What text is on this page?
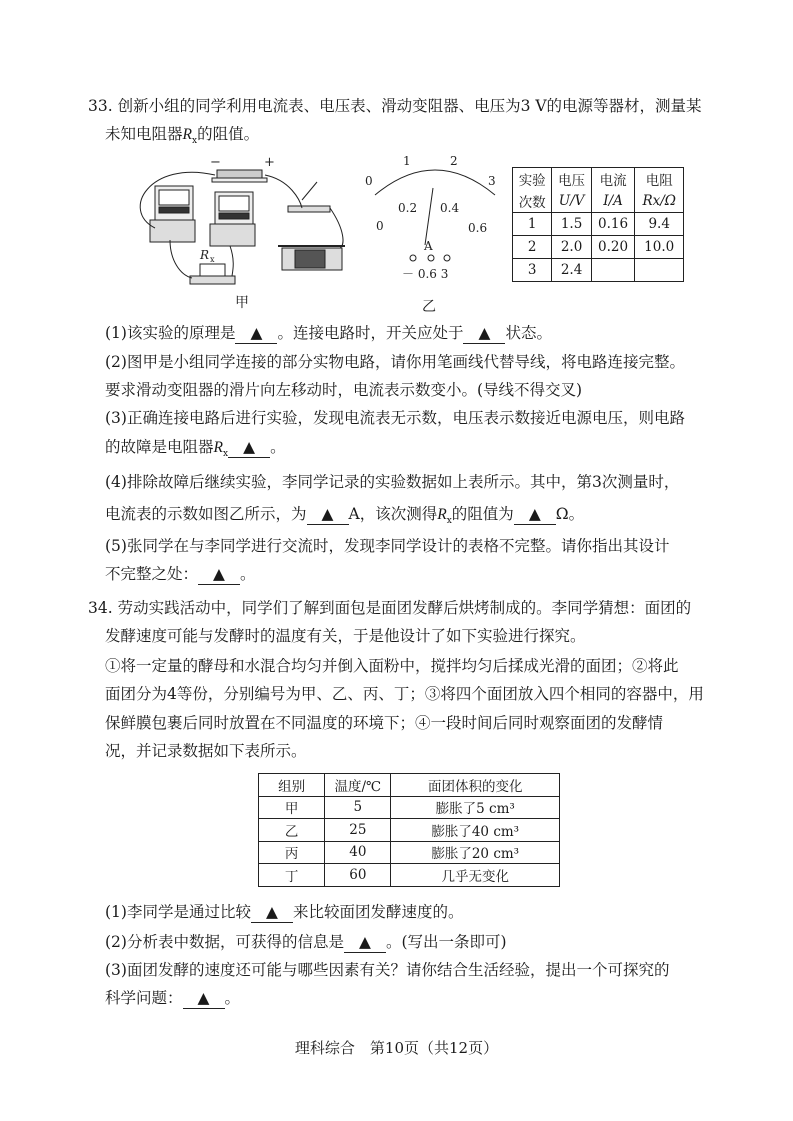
33. 创新小组的同学利用电流表、电压表、滑动变阻器、电压为3 V的电源等器材，测量某
未知电阻器$R_x$的阻值。
−	+
$R_x$
0
1	2
3
0
0.2 0.4
0.6
A
－ 0.6 3
甲	乙
实验	电压	电流	电阻
次数	U/V	I/A	Rx/Ω
1	1.5	0.16	9.4
2	2.0	0.20	10.0
3	2.4		
(1)该实验的原理是 ▲ 。连接电路时，开关应处于 ▲ 状态。
(2)图甲是小组同学连接的部分实物电路，请你用笔画线代替导线，将电路连接完整。
要求滑动变阻器的滑片向左移动时，电流表示数变小。(导线不得交叉)
(3)正确连接电路后进行实验，发现电流表无示数，电压表示数接近电源电压，则电路
的故障是电阻器$R_x$ ▲ 。
(4)排除故障后继续实验，李同学记录的实验数据如上表所示。其中，第3次测量时，
电流表的示数如图乙所示，为 ▲ A，该次测得$R_x$的阻值为 ▲ Ω。
(5)张同学在与李同学进行交流时，发现李同学设计的表格不完整。请你指出其设计
不完整之处： ▲ 。
34. 劳动实践活动中，同学们了解到面包是面团发酵后烘烤制成的。李同学猜想：面团的
发酵速度可能与发酵时的温度有关，于是他设计了如下实验进行探究。
①将一定量的酵母和水混合均匀并倒入面粉中，搅拌均匀后揉成光滑的面团；②将此
面团分为4等份，分别编号为甲、乙、丙、丁；③将四个面团放入四个相同的容器中，用
保鲜膜包裹后同时放置在不同温度的环境下；④一段时间后同时观察面团的发酵情
况，并记录数据如下表所示。
组别	温度/℃	面团体积的变化
甲	5	膨胀了5 cm³
乙	25	膨胀了40 cm³
丙	40	膨胀了20 cm³
丁	60	几乎无变化
(1)李同学是通过比较 ▲ 来比较面团发酵速度的。
(2)分析表中数据，可获得的信息是 ▲ 。(写出一条即可)
(3)面团发酵的速度还可能与哪些因素有关？请你结合生活经验，提出一个可探究的
科学问题： ▲ 。
理科综合　第10页（共12页）
